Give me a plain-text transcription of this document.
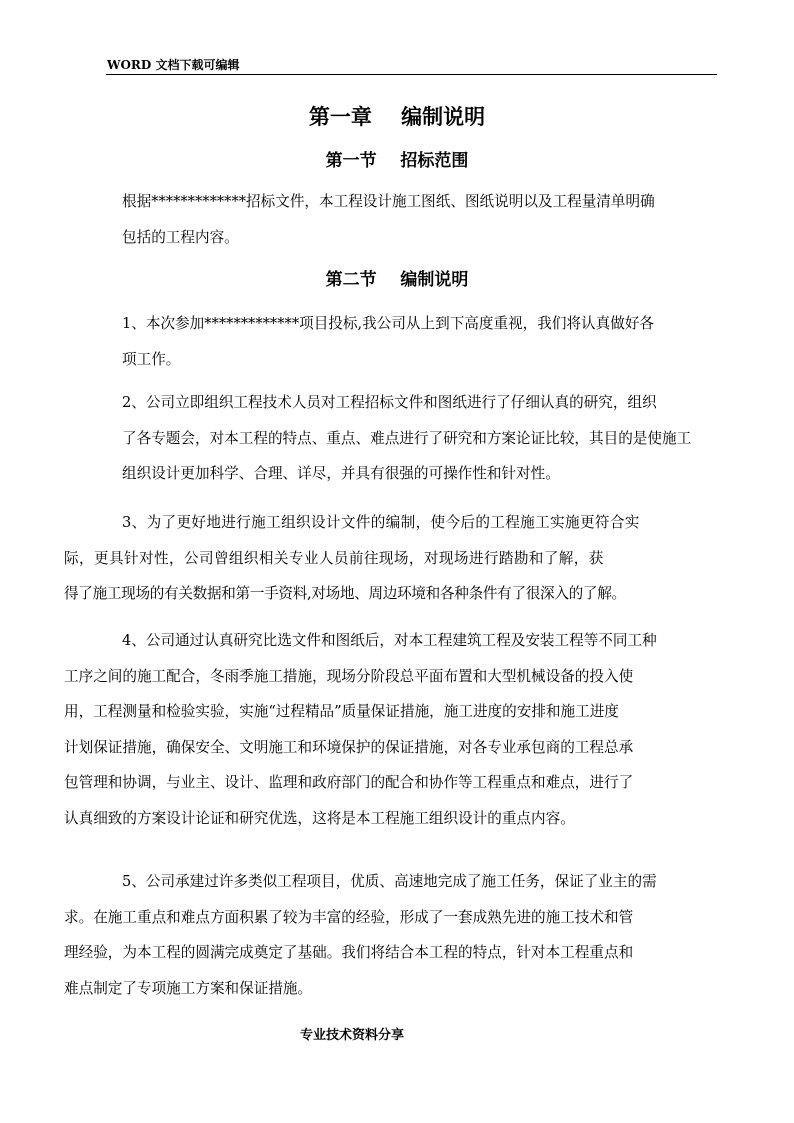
WORD 文档下载可编辑
第一章    编制说明
第一节    招标范围

根据*************招标文件，本工程设计施工图纸、图纸说明以及工程量清单明确
包括的工程内容。

第二节    编制说明

1、本次参加*************项目投标,我公司从上到下高度重视，我们将认真做好各
项工作。

2、公司立即组织工程技术人员对工程招标文件和图纸进行了仔细认真的研究，组织
了各专题会，对本工程的特点、重点、难点进行了研究和方案论证比较，其目的是使施工
组织设计更加科学、合理、详尽，并具有很强的可操作性和针对性。

3、为了更好地进行施工组织设计文件的编制，使今后的工程施工实施更符合实
际，更具针对性，公司曾组织相关专业人员前往现场，对现场进行踏勘和了解，获
得了施工现场的有关数据和第一手资料,对场地、周边环境和各种条件有了很深入的了解。

4、公司通过认真研究比选文件和图纸后，对本工程建筑工程及安装工程等不同工种
工序之间的施工配合，冬雨季施工措施，现场分阶段总平面布置和大型机械设备的投入使
用，工程测量和检验实验，实施“过程精品”质量保证措施，施工进度的安排和施工进度
计划保证措施，确保安全、文明施工和环境保护的保证措施，对各专业承包商的工程总承
包管理和协调，与业主、设计、监理和政府部门的配合和协作等工程重点和难点，进行了
认真细致的方案设计论证和研究优选，这将是本工程施工组织设计的重点内容。

5、公司承建过许多类似工程项目，优质、高速地完成了施工任务，保证了业主的需
求。在施工重点和难点方面积累了较为丰富的经验，形成了一套成熟先进的施工技术和管
理经验，为本工程的圆满完成奠定了基础。我们将结合本工程的特点，针对本工程重点和
难点制定了专项施工方案和保证措施。

专业技术资料分享
